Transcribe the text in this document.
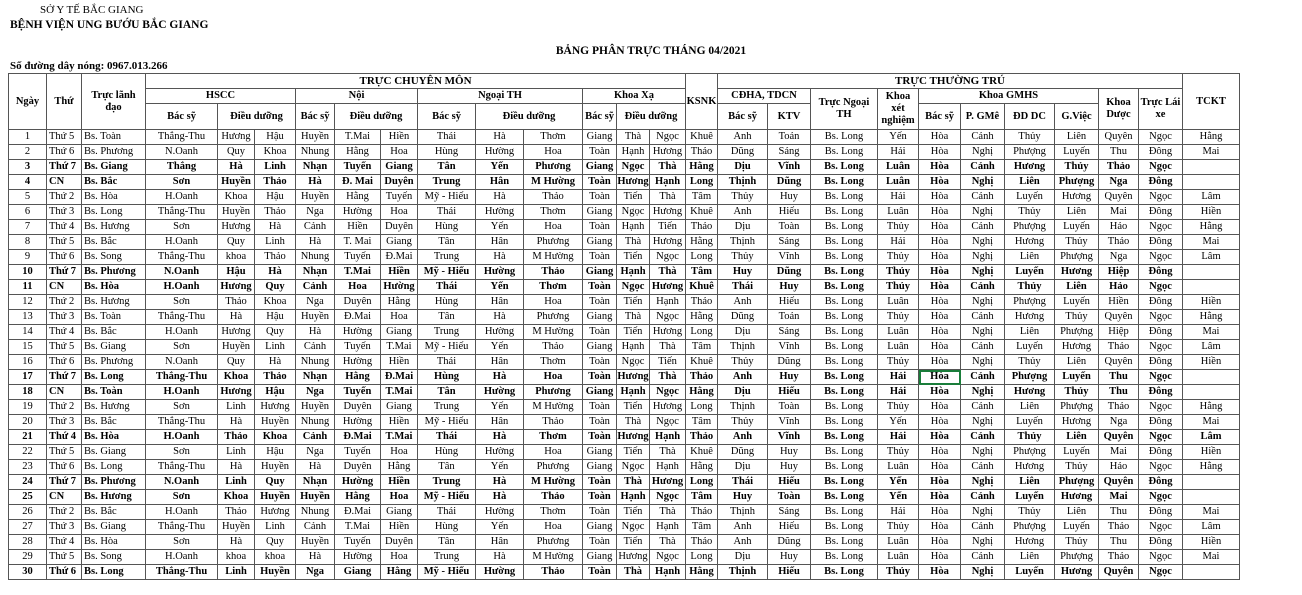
SỞ Y TẾ BẮC GIANG
BỆNH VIỆN UNG BƯỚU BẮC GIANG
BẢNG PHÂN TRỰC THÁNG 04/2021
Số đường dây nóng: 0967.013.266
Ngày	Thứ	Trực lãnh đạo	TRỰC CHUYÊN MÔN												KSNK	TRỰC THƯỜNG TRÚ										TCKT
			HSCC			Nội			Ngoại TH			Khoa Xạ				CĐHA, TDCN		Trực Ngoại TH	Khoa xét nghiệm	Khoa GMHS				Khoa Dược	Trực Lái xe	
			Bác sỹ	Điều dưỡng		Bác sỹ	Điều dưỡng		Bác sỹ	Điều dưỡng		Bác sỹ	Điều dưỡng			Bác sỹ	KTV			Bác sỹ	P. GMê	ĐD DC	G.Việc			
1	Thứ 5	Bs. Toàn	Thắng-Thu	Hương	Hậu	Huyền	T.Mai	Hiền	Thái	Hà	Thơm	Giang	Thà	Ngọc	Khuê	Anh	Toản	Bs. Long	Yến	Hòa	Cảnh	Thủy	Liên	Quyên	Ngọc	Hằng
2	Thứ 6	Bs. Phương	N.Oanh	Quy	Khoa	Nhung	Hằng	Hoa	Hùng	Hường	Hoa	Toàn	Hạnh	Hương	Thảo	Dũng	Sáng	Bs. Long	Hải	Hòa	Nghị	Phượng	Luyến	Thu	Đông	Mai
3	Thứ 7	Bs. Giang	Thắng	Hà	Linh	Nhạn	Tuyến	Giang	Tân	Yến	Phương	Giang	Ngọc	Thà	Hằng	Dịu	Vĩnh	Bs. Long	Luân	Hòa	Cảnh	Hương	Thủy	Thảo	Ngọc	
4	CN	Bs. Bắc	Sơn	Huyền	Thảo	Hà	Đ. Mai	Duyên	Trung	Hân	M Hường	Toàn	Hương	Hạnh	Long	Thịnh	Dũng	Bs. Long	Luân	Hòa	Nghị	Liên	Phượng	Nga	Đông	
5	Thứ 2	Bs. Hòa	H.Oanh	Khoa	Hậu	Huyền	Hằng	Tuyến	Mỹ - Hiếu	Hà	Thảo	Toàn	Tiến	Thà	Tâm	Thủy	Huy	Bs. Long	Hải	Hòa	Cảnh	Luyến	Hương	Quyên	Ngọc	Lâm
6	Thứ 3	Bs. Long	Thắng-Thu	Huyền	Thảo	Nga	Hường	Hoa	Thái	Hường	Thơm	Giang	Ngọc	Hương	Khuê	Anh	Hiếu	Bs. Long	Luân	Hòa	Nghị	Thủy	Liên	Mai	Đông	Hiền
7	Thứ 4	Bs. Hương	Sơn	Hương	Hà	Cảnh	Hiền	Duyên	Hùng	Yến	Hoa	Toàn	Hạnh	Tiến	Thảo	Dịu	Toàn	Bs. Long	Thủy	Hòa	Cảnh	Phượng	Luyến	Hảo	Ngọc	Hằng
8	Thứ 5	Bs. Bắc	H.Oanh	Quy	Linh	Hà	T. Mai	Giang	Tân	Hân	Phương	Giang	Thà	Hương	Hằng	Thịnh	Sáng	Bs. Long	Hải	Hòa	Nghị	Hương	Thủy	Thảo	Đông	Mai
9	Thứ 6	Bs. Song	Thắng-Thu	khoa	Thảo	Nhung	Tuyến	Đ.Mai	Trung	Hà	M Hường	Toàn	Tiến	Ngọc	Long	Thủy	Vĩnh	Bs. Long	Thủy	Hòa	Nghị	Liên	Phượng	Nga	Ngọc	Lâm
10	Thứ 7	Bs. Phương	N.Oanh	Hậu	Hà	Nhạn	T.Mai	Hiền	Mỹ - Hiếu	Hường	Thảo	Giang	Hạnh	Thà	Tâm	Huy	Dũng	Bs. Long	Thủy	Hòa	Nghị	Luyến	Hương	Hiệp	Đông	
11	CN	Bs. Hòa	H.Oanh	Hương	Quy	Cảnh	Hoa	Hường	Thái	Yến	Thơm	Toàn	Ngọc	Hương	Khuê	Thái	Huy	Bs. Long	Thủy	Hòa	Cảnh	Thủy	Liên	Hảo	Ngọc	
12	Thứ 2	Bs. Hương	Sơn	Thảo	Khoa	Nga	Duyên	Hằng	Hùng	Hân	Hoa	Toàn	Tiến	Hạnh	Thảo	Anh	Hiếu	Bs. Long	Luân	Hòa	Nghị	Phượng	Luyến	Hiền	Đông	Hiền
13	Thứ 3	Bs. Toàn	Thắng-Thu	Hà	Hậu	Huyền	Đ.Mai	Hoa	Tân	Hà	Phương	Giang	Thà	Ngọc	Hằng	Dũng	Toản	Bs. Long	Thủy	Hòa	Cảnh	Hương	Thủy	Quyên	Ngọc	Hằng
14	Thứ 4	Bs. Bắc	H.Oanh	Hương	Quy	Hà	Hường	Giang	Trung	Hường	M Hường	Toàn	Tiến	Hương	Long	Dịu	Sáng	Bs. Long	Luân	Hòa	Nghị	Liên	Phượng	Hiệp	Đông	Mai
15	Thứ 5	Bs. Giang	Sơn	Huyền	Linh	Cảnh	Tuyến	T.Mai	Mỹ - Hiếu	Yến	Thảo	Giang	Hạnh	Thà	Tâm	Thịnh	Vĩnh	Bs. Long	Luân	Hòa	Cảnh	Luyến	Hương	Thảo	Ngọc	Lâm
16	Thứ 6	Bs. Phương	N.Oanh	Quy	Hà	Nhung	Hường	Hiền	Thái	Hân	Thơm	Toàn	Ngọc	Tiến	Khuê	Thủy	Dũng	Bs. Long	Thủy	Hòa	Nghị	Thủy	Liên	Quyên	Đông	Hiền
17	Thứ 7	Bs. Long	Thắng-Thu	Khoa	Thảo	Nhạn	Hằng	Đ.Mai	Hùng	Hà	Hoa	Toàn	Hương	Thà	Thảo	Anh	Huy	Bs. Long	Hải	Hòa	Cảnh	Phượng	Luyến	Thu	Ngọc	
18	CN	Bs. Toàn	H.Oanh	Hương	Hậu	Nga	Tuyến	T.Mai	Tân	Hường	Phương	Giang	Hạnh	Ngọc	Hằng	Dịu	Hiếu	Bs. Long	Hải	Hòa	Nghị	Hương	Thủy	Thu	Đông	
19	Thứ 2	Bs. Hương	Sơn	Linh	Hương	Huyền	Duyên	Giang	Trung	Yến	M Hường	Toàn	Tiến	Hương	Long	Thịnh	Toàn	Bs. Long	Thủy	Hòa	Cảnh	Liên	Phượng	Thảo	Ngọc	Hằng
20	Thứ 3	Bs. Bắc	Thắng-Thu	Hà	Huyền	Nhung	Hường	Hiền	Mỹ - Hiếu	Hân	Thảo	Toàn	Thà	Ngọc	Tâm	Thủy	Vĩnh	Bs. Long	Yến	Hòa	Nghị	Luyến	Hương	Nga	Đông	Mai
21	Thứ 4	Bs. Hòa	H.Oanh	Thảo	Khoa	Cảnh	Đ.Mai	T.Mai	Thái	Hà	Thơm	Toàn	Hương	Hạnh	Thảo	Anh	Vĩnh	Bs. Long	Hải	Hòa	Cảnh	Thủy	Liên	Quyên	Ngọc	Lâm
22	Thứ 5	Bs. Giang	Sơn	Linh	Hậu	Nga	Tuyến	Hoa	Hùng	Hường	Hoa	Giang	Tiến	Thà	Khuê	Dũng	Huy	Bs. Long	Thủy	Hòa	Nghị	Phượng	Luyến	Mai	Đông	Hiền
23	Thứ 6	Bs. Long	Thắng-Thu	Hà	Huyền	Hà	Duyên	Hằng	Tân	Yến	Phương	Giang	Ngọc	Hạnh	Hằng	Dịu	Huy	Bs. Long	Luân	Hòa	Cảnh	Hương	Thủy	Hảo	Ngọc	Hằng
24	Thứ 7	Bs. Phương	N.Oanh	Linh	Quy	Nhạn	Hường	Hiền	Trung	Hà	M Hường	Toàn	Thà	Hương	Long	Thái	Hiếu	Bs. Long	Yến	Hòa	Nghị	Liên	Phượng	Quyên	Đông	
25	CN	Bs. Hương	Sơn	Khoa	Huyền	Huyền	Hằng	Hoa	Mỹ - Hiếu	Hà	Thảo	Toàn	Hạnh	Ngọc	Tâm	Huy	Toàn	Bs. Long	Yến	Hòa	Cảnh	Luyến	Hương	Mai	Ngọc	
26	Thứ 2	Bs. Bắc	H.Oanh	Thảo	Hương	Nhung	Đ.Mai	Giang	Thái	Hường	Thơm	Toàn	Tiến	Thà	Thảo	Thịnh	Sáng	Bs. Long	Hải	Hòa	Nghị	Thủy	Liên	Thu	Đông	Mai
27	Thứ 3	Bs. Giang	Thắng-Thu	Huyền	Linh	Cảnh	T.Mai	Hiền	Hùng	Yến	Hoa	Giang	Ngọc	Hạnh	Tâm	Anh	Hiếu	Bs. Long	Thủy	Hòa	Cảnh	Phượng	Luyến	Thảo	Ngọc	Lâm
28	Thứ 4	Bs. Hòa	Sơn	Hà	Quy	Huyền	Tuyến	Duyên	Tân	Hân	Phương	Toàn	Tiến	Thà	Thảo	Anh	Dũng	Bs. Long	Luân	Hòa	Nghị	Hương	Thủy	Thu	Đông	Hiền
29	Thứ 5	Bs. Song	H.Oanh	khoa	khoa	Hà	Hường	Hoa	Trung	Hà	M Hường	Giang	Hương	Ngọc	Long	Dịu	Huy	Bs. Long	Luân	Hòa	Cảnh	Liên	Phượng	Thảo	Ngọc	Mai
30	Thứ 6	Bs. Long	Thắng-Thu	Linh	Huyền	Nga	Giang	Hằng	Mỹ - Hiếu	Hường	Thảo	Toàn	Thà	Hạnh	Hằng	Thịnh	Hiếu	Bs. Long	Thủy	Hòa	Nghị	Luyến	Hương	Quyên	Ngọc	
